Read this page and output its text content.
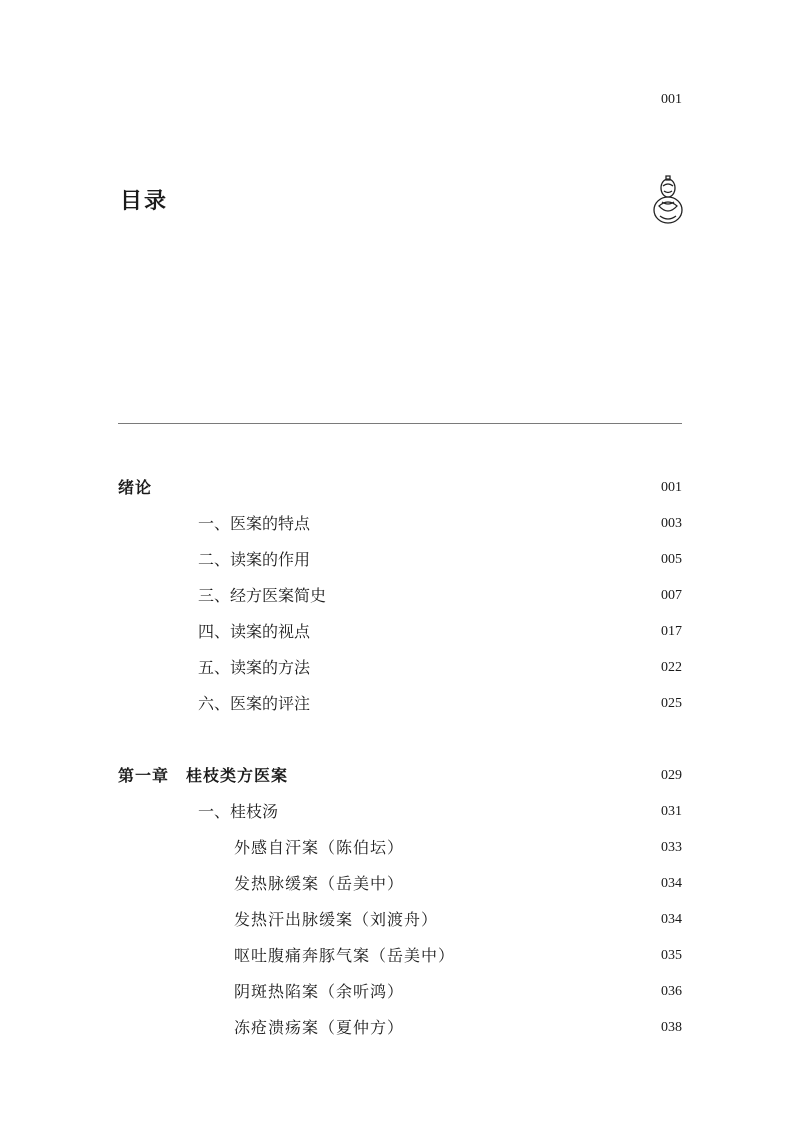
001
目录
绪论	001
一、医案的特点	003
二、读案的作用	005
三、经方医案简史	007
四、读案的视点	017
五、读案的方法	022
六、医案的评注	025
第一章　桂枝类方医案	029
一、桂枝汤	031
外感自汗案（陈伯坛）	033
发热脉缓案（岳美中）	034
发热汗出脉缓案（刘渡舟）	034
呕吐腹痛奔豚气案（岳美中）	035
阴斑热陷案（余听鸿）	036
冻疮溃疡案（夏仲方）	038
